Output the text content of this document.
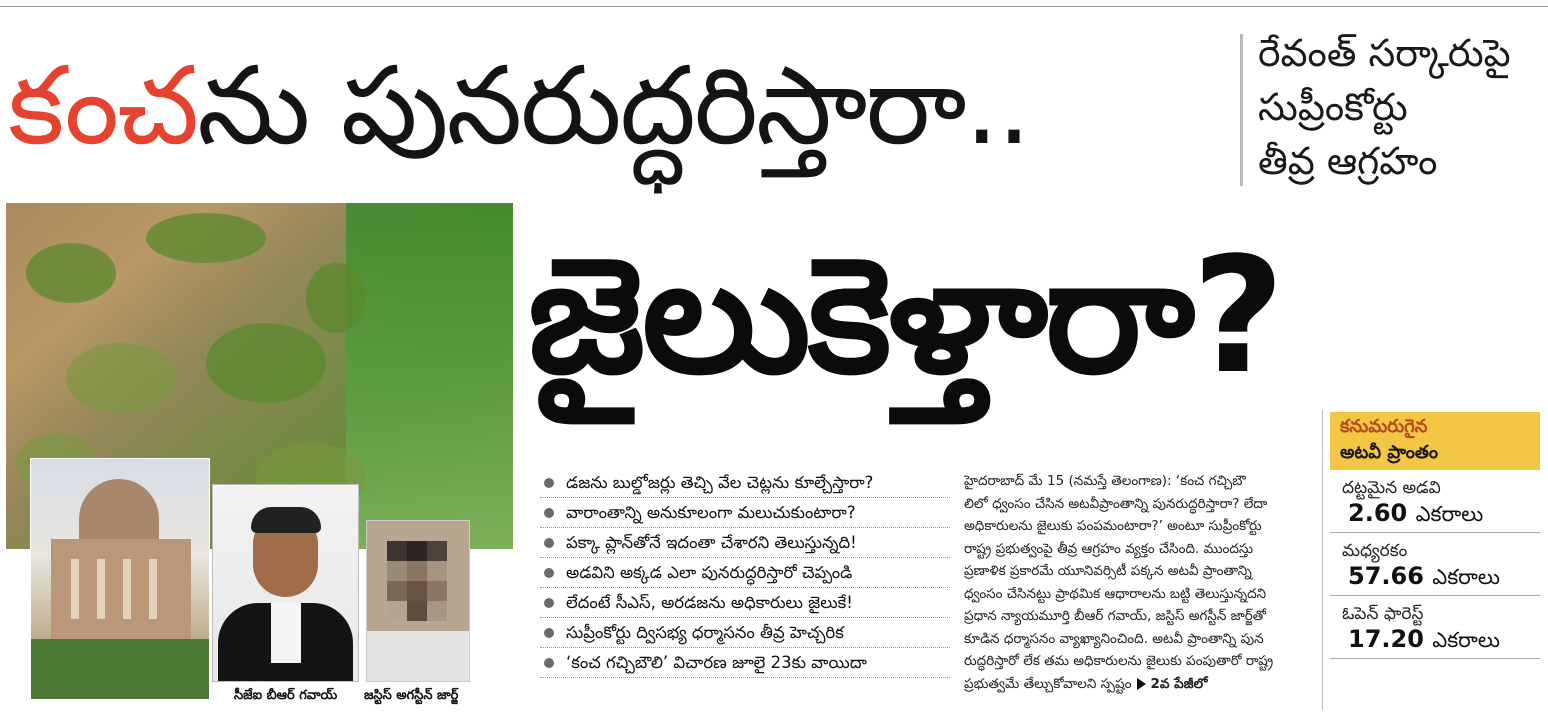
కంచను పునరుద్ధరిస్తారా..	రేవంత్ సర్కారుపై
సుప్రీంకోర్టు
తీవ్ర ఆగ్రహం
జైలుకెళ్తారా?
సీజేఐ బీఆర్ గవాయ్ జస్టిస్ అగస్టీన్ జార్జ్
డజను బుల్డోజర్లు తెచ్చి వేల చెట్లను కూల్చేస్తారా?
వారాంతాన్ని అనుకూలంగా మలుచుకుంటారా?
పక్కా ప్లాన్‌తోనే ఇదంతా చేశారని తెలుస్తున్నది!
అడవిని అక్కడ ఎలా పునరుద్ధరిస్తారో చెప్పండి
లేదంటే సీఎస్, అరడజను అధికారులు జైలుకే!
సుప్రీంకోర్టు ద్విసభ్య ధర్మాసనం తీవ్ర హెచ్చరిక
‘కంచ గచ్చిబౌలి’ విచారణ జూలై 23కు వాయిదా
హైదరాబాద్ మే 15 (నమస్తే తెలంగాణ): ‘కంచ గచ్చిబౌ
లిలో ధ్వంసం చేసిన అటవీప్రాంతాన్ని పునరుద్ధరిస్తారా? లేదా
అధికారులను జైలుకు పంపమంటారా?’ అంటూ సుప్రీంకోర్టు
రాష్ట్ర ప్రభుత్వంపై తీవ్ర ఆగ్రహం వ్యక్తం చేసింది. ముందస్తు
ప్రణాళిక ప్రకారమే యూనివర్సిటీ పక్కన అటవీ ప్రాంతాన్ని
ధ్వంసం చేసినట్టు ప్రాథమిక ఆధారాలను బట్టి తెలుస్తున్నదని
ప్రధాన న్యాయమూర్తి బీఆర్ గవాయ్, జస్టిస్ అగస్టీన్ జార్జ్‌తో
కూడిన ధర్మాసనం వ్యాఖ్యానించింది. అటవీ ప్రాంతాన్ని పున
రుద్ధరిస్తారో లేక తమ అధికారులను జైలుకు పంపుతారో రాష్ట్ర
ప్రభుత్వమే తేల్చుకోవాలని స్పష్టం 2వ పేజీలో
కనుమరుగైన
అటవీ ప్రాంతం
దట్టమైన అడవి
2.60 ఎకరాలు
మధ్యరకం
57.66 ఎకరాలు
ఓపెన్ ఫారెస్ట్
17.20 ఎకరాలు
